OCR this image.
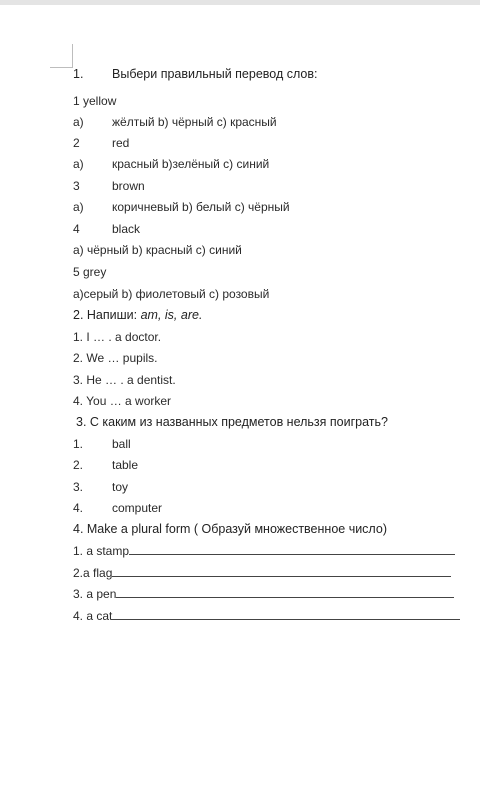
1. Выбери правильный перевод слов:
1 yellow
а) жёлтый b) чёрный c) красный
2	red
а) красный b)зелёный c) синий
3	brown
а) коричневый b) белый c) чёрный
4	black
а) чёрный b) красный c) синий
5 grey
а)серый b) фиолетовый c) розовый
2. Напиши: am, is, are.
1. I … . a doctor.
2. We … pupils.
3. He … . a dentist.
4. You … a worker
3. С каким из названных предметов нельзя поиграть?
1. ball
2. table
3. toy
4. computer
4. Make a plural form ( Образуй множественное число)
1. a stamp
2.a flag
3. a pen
4. a cat
